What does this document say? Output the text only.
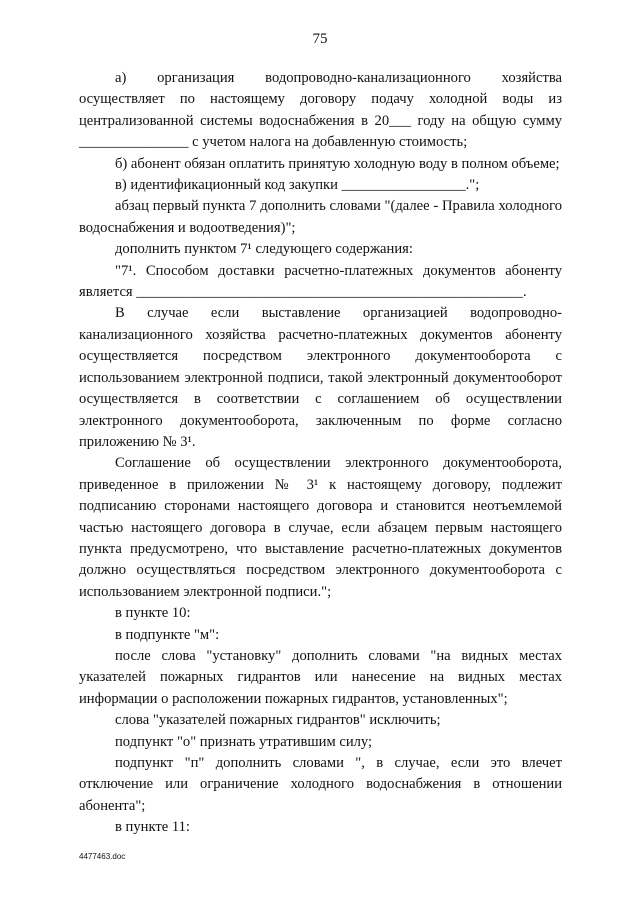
75

а) организация водопроводно-канализационного хозяйства осуществляет по настоящему договору подачу холодной воды из централизованной системы водоснабжения в 20___ году на общую сумму _______________ с учетом налога на добавленную стоимость;

б) абонент обязан оплатить принятую холодную воду в полном объеме;

в) идентификационный код закупки _________________.";

абзац первый пункта 7 дополнить словами "(далее - Правила холодного водоснабжения и водоотведения)";

дополнить пунктом 7¹ следующего содержания:

"7¹. Способом доставки расчетно-платежных документов абоненту является _____________________________________________________.

В случае если выставление организацией водопроводно-канализационного хозяйства расчетно-платежных документов абоненту осуществляется посредством электронного документооборота с использованием электронной подписи, такой электронный документооборот осуществляется в соответствии с соглашением об осуществлении электронного документооборота, заключенным по форме согласно приложению № 3¹.

Соглашение об осуществлении электронного документооборота, приведенное в приложении № 3¹ к настоящему договору, подлежит подписанию сторонами настоящего договора и становится неотъемлемой частью настоящего договора в случае, если абзацем первым настоящего пункта предусмотрено, что выставление расчетно-платежных документов должно осуществляться посредством электронного документооборота с использованием электронной подписи.";

в пункте 10:

в подпункте "м":

после слова "установку" дополнить словами "на видных местах указателей пожарных гидрантов или нанесение на видных местах информации о расположении пожарных гидрантов, установленных";

слова "указателей пожарных гидрантов" исключить;

подпункт "о" признать утратившим силу;

подпункт "п" дополнить словами ", в случае, если это влечет отключение или ограничение холодного водоснабжения в отношении абонента";

в пункте 11:

4477463.doc
